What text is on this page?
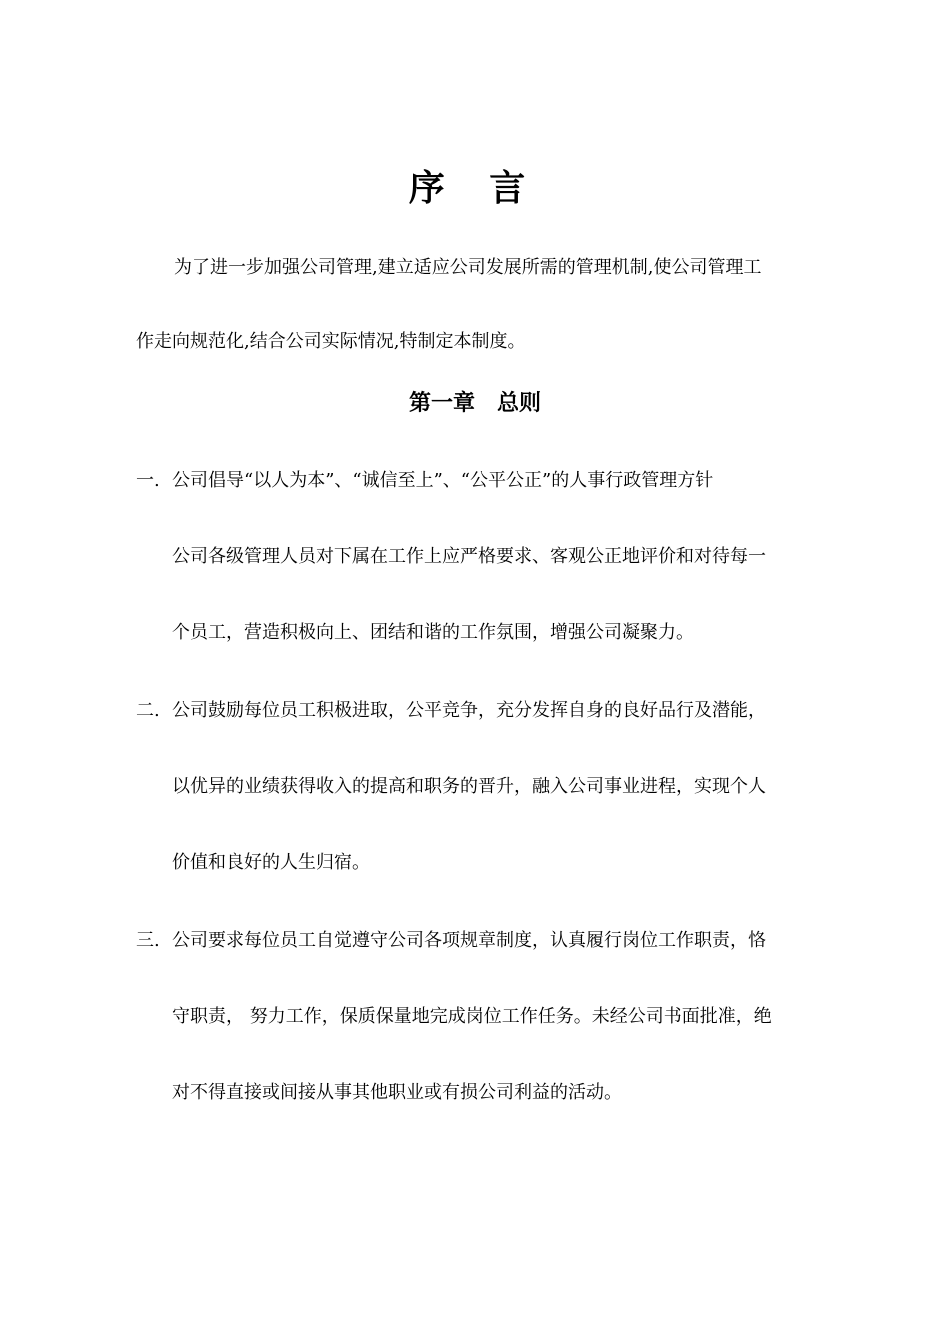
序 言
为了进一步加强公司管理,建立适应公司发展所需的管理机制,使公司管理工
作走向规范化,结合公司实际情况,特制定本制度。
第一章　总则
一. 公司倡导“以人为本”、“诚信至上”、“公平公正”的人事行政管理方针
公司各级管理人员对下属在工作上应严格要求、客观公正地评价和对待每一
个员工，营造积极向上、团结和谐的工作氛围，增强公司凝聚力。
二. 公司鼓励每位员工积极进取，公平竞争，充分发挥自身的良好品行及潜能，
以优异的业绩获得收入的提高和职务的晋升，融入公司事业进程，实现个人
价值和良好的人生归宿。
三. 公司要求每位员工自觉遵守公司各项规章制度，认真履行岗位工作职责，恪
守职责， 努力工作，保质保量地完成岗位工作任务。未经公司书面批准，绝
对不得直接或间接从事其他职业或有损公司利益的活动。
